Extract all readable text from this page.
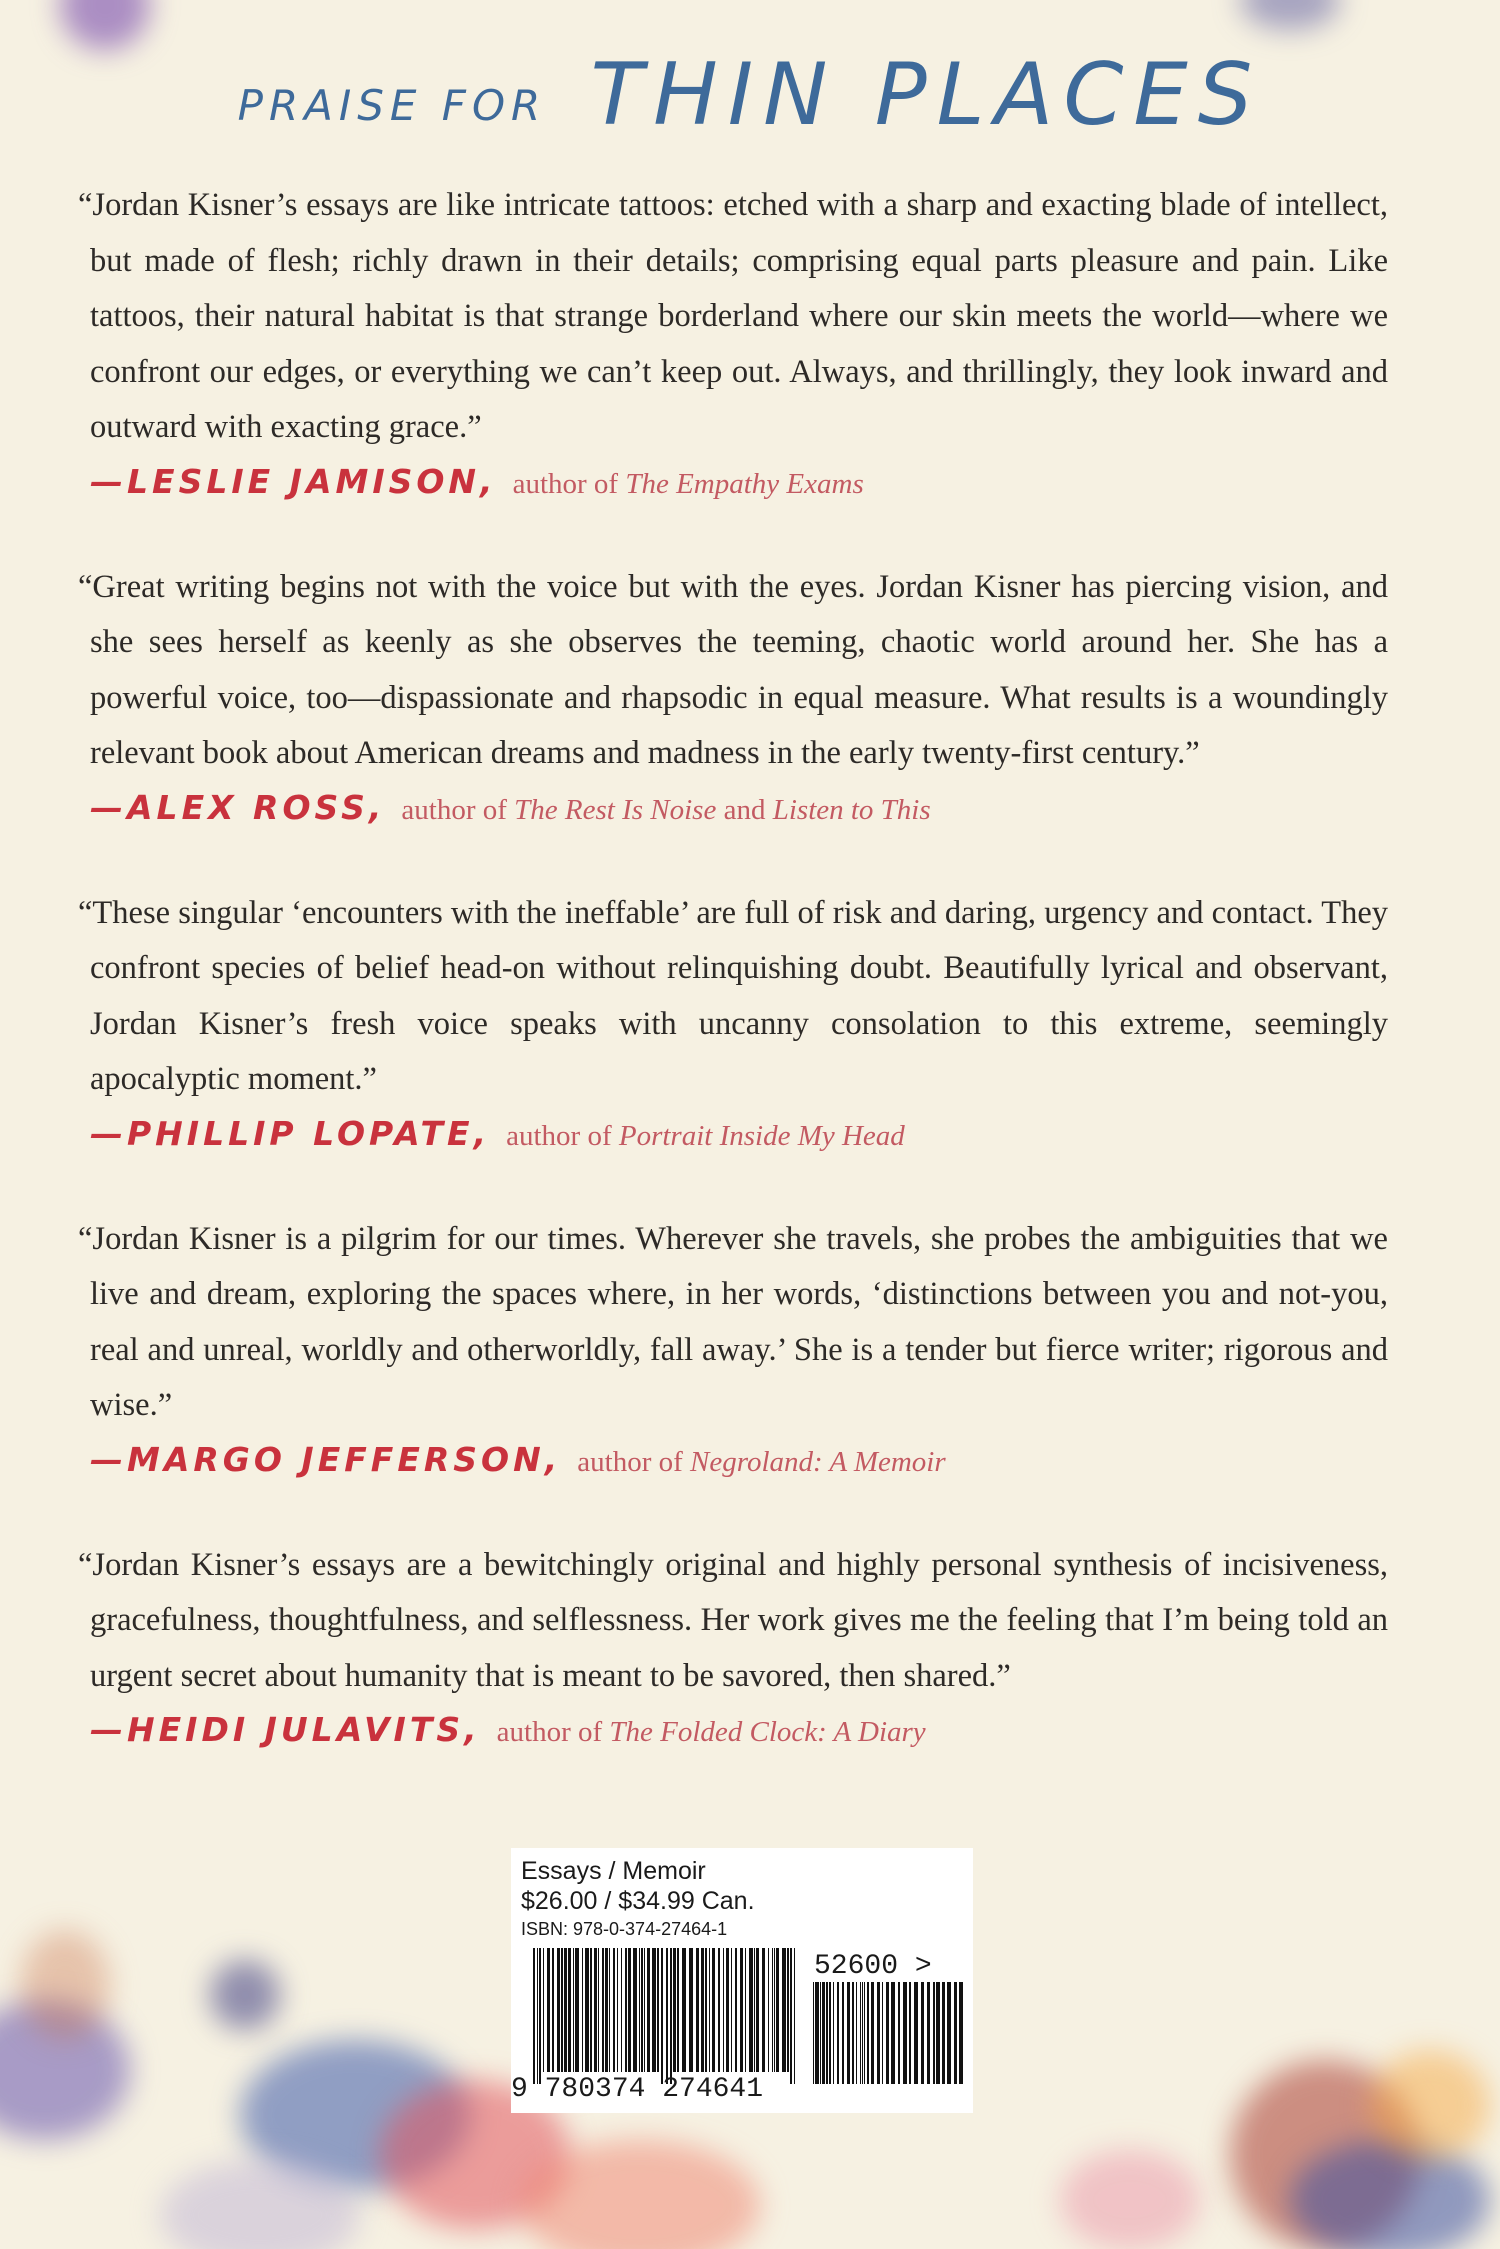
PRAISE FOR THIN PLACES

“Jordan Kisner’s essays are like intricate tattoos: etched with a sharp and exacting blade of intellect, but made of flesh; richly drawn in their details; comprising equal parts pleasure and pain. Like tattoos, their natural habitat is that strange borderland where our skin meets the world—where we confront our edges, or everything we can’t keep out. Always, and thrillingly, they look inward and outward with exacting grace.”

—LESLIE JAMISON, author of The Empathy Exams

“Great writing begins not with the voice but with the eyes. Jordan Kisner has piercing vision, and she sees herself as keenly as she observes the teeming, chaotic world around her. She has a powerful voice, too—dispassionate and rhapsodic in equal measure. What results is a woundingly relevant book about American dreams and madness in the early twenty-first century.”

—ALEX ROSS, author of The Rest Is Noise and Listen to This

“These singular ‘encounters with the ineffable’ are full of risk and daring, urgency and contact. They confront species of belief head-on without relinquishing doubt. Beautifully lyrical and observant, Jordan Kisner’s fresh voice speaks with uncanny consolation to this extreme, seemingly apocalyptic moment.”

—PHILLIP LOPATE, author of Portrait Inside My Head

“Jordan Kisner is a pilgrim for our times. Wherever she travels, she probes the ambiguities that we live and dream, exploring the spaces where, in her words, ‘distinctions between you and not-you, real and unreal, worldly and otherworldly, fall away.’ She is a tender but fierce writer; rigorous and wise.”

—MARGO JEFFERSON, author of Negroland: A Memoir

“Jordan Kisner’s essays are a bewitchingly original and highly personal synthesis of incisiveness, gracefulness, thoughtfulness, and selflessness. Her work gives me the feeling that I’m being told an urgent secret about humanity that is meant to be savored, then shared.”

—HEIDI JULAVITS, author of The Folded Clock: A Diary
Essays / Memoir
$26.00 / $34.99 Can.
ISBN: 978-0-374-27464-1
9 780374 274641
52600 >
